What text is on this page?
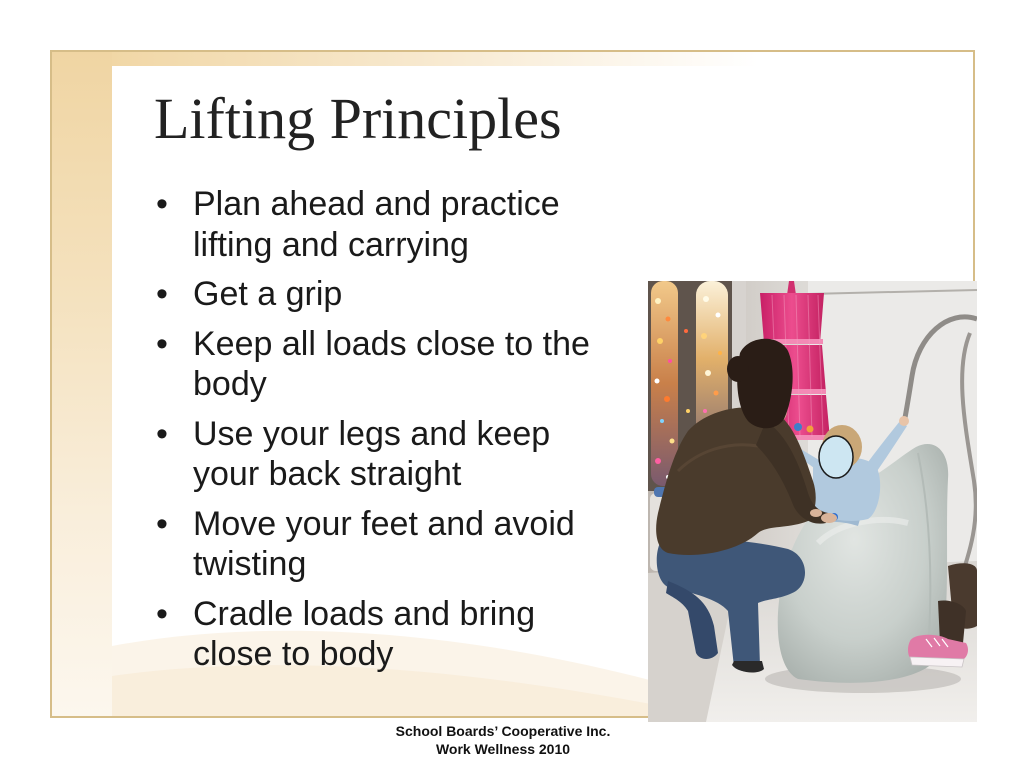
Lifting Principles
• Plan ahead and practice lifting and carrying
• Get a grip
• Keep all loads close to the body
• Use your legs and keep your back straight
• Move your feet and avoid twisting
• Cradle loads and bring close to body
School Boards’ Cooperative Inc.
Work Wellness 2010
